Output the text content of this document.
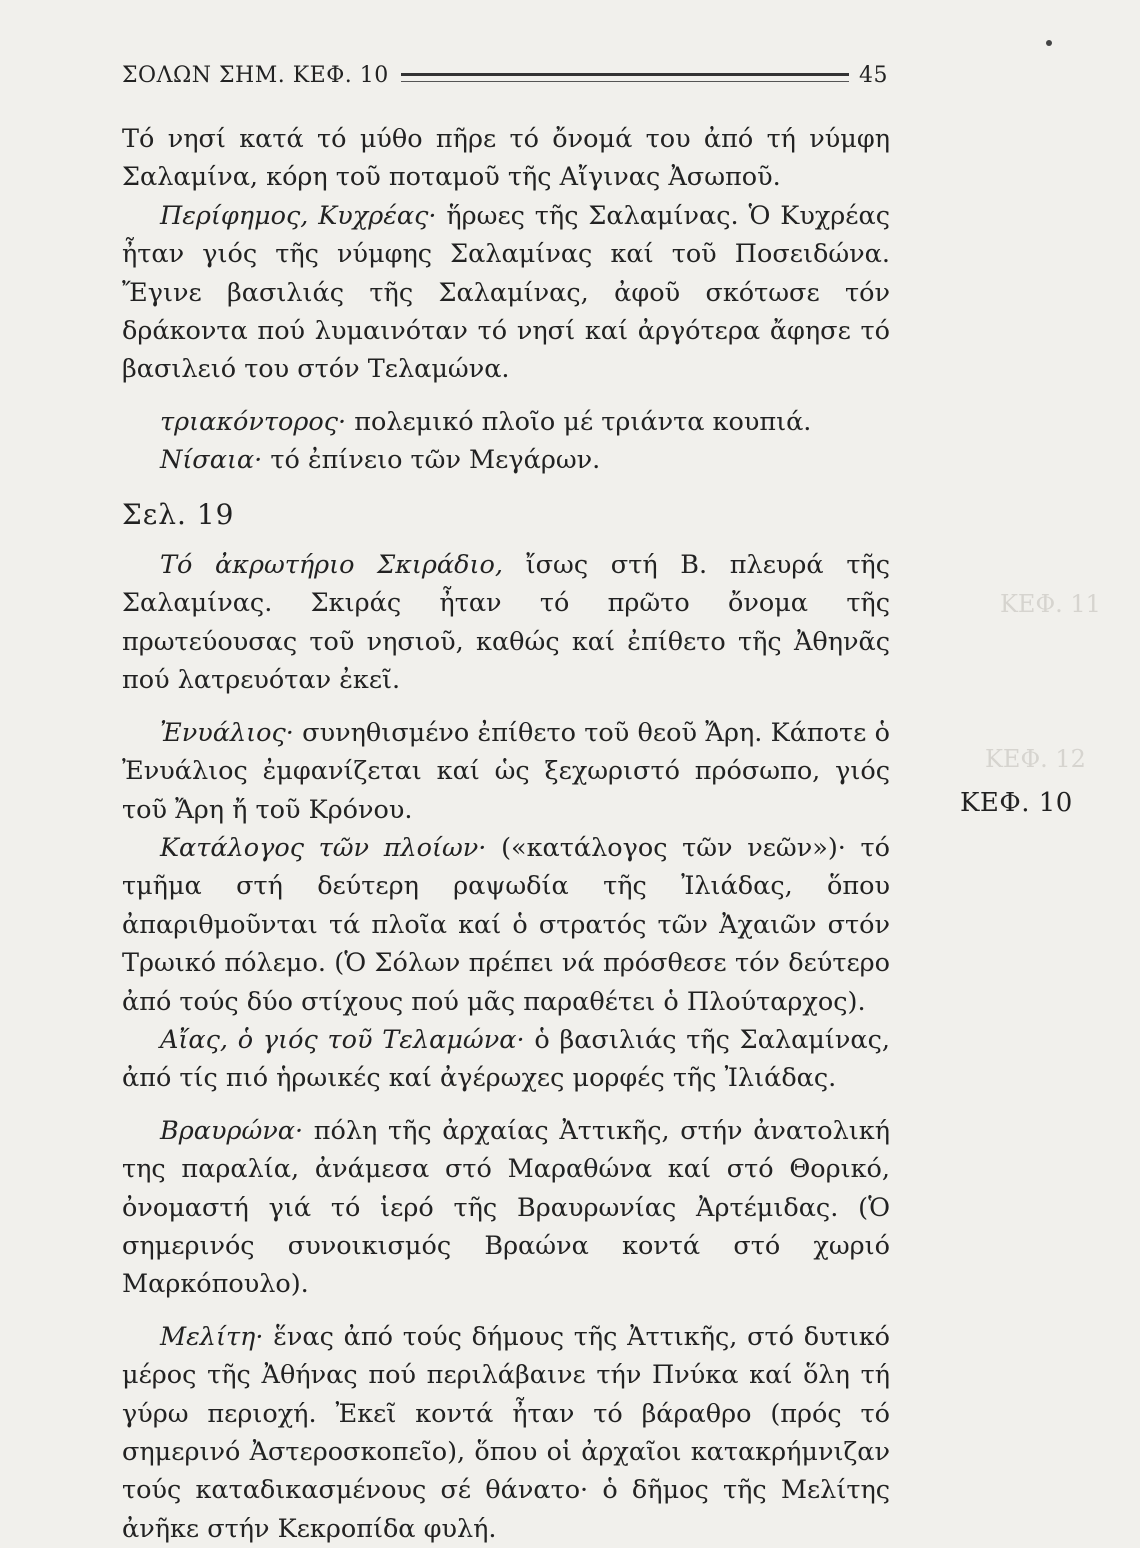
ΣΟΛΩΝ ΣΗΜ. ΚΕΦ. 10	45
ΚΕΦ. 11
ΚΕΦ. 12
ΚΕΦ. 10

Τό νησί κατά τό μύθο πῆρε τό ὄνομά του ἀπό τή νύμφη Σαλαμίνα, κόρη τοῦ ποταμοῦ τῆς Αἴγινας Ἀσωποῦ.

Περίφημος, Κυχρέας· ἥρωες τῆς Σαλαμίνας. Ὁ Κυχρέας ἦταν γιός τῆς νύμφης Σαλαμίνας καί τοῦ Ποσειδώνα. Ἔγινε βασιλιάς τῆς Σαλαμίνας, ἀφοῦ σκότωσε τόν δράκοντα πού λυμαινόταν τό νησί καί ἀργότερα ἄφησε τό βασιλειό του στόν Τελαμώνα.

τριακόντορος· πολεμικό πλοῖο μέ τριάντα κουπιά.

Νίσαια· τό ἐπίνειο τῶν Μεγάρων.

Σελ. 19

Τό ἀκρωτήριο Σκιράδιο, ἴσως στή Β. πλευρά τῆς Σαλαμίνας. Σκιράς ἦταν τό πρῶτο ὄνομα τῆς πρωτεύουσας τοῦ νησιοῦ, καθώς καί ἐπίθετο τῆς Ἀθηνᾶς πού λατρευόταν ἐκεῖ.

Ἐνυάλιος· συνηθισμένο ἐπίθετο τοῦ θεοῦ Ἄρη. Κάποτε ὁ Ἐνυάλιος ἐμφανίζεται καί ὡς ξεχωριστό πρόσωπο, γιός τοῦ Ἄρη ἤ τοῦ Κρόνου.

Κατάλογος τῶν πλοίων· («κατάλογος τῶν νεῶν»)· τό τμῆμα στή δεύτερη ραψωδία τῆς Ἰλιάδας, ὅπου ἀπαριθμοῦνται τά πλοῖα καί ὁ στρατός τῶν Ἀχαιῶν στόν Τρωικό πόλεμο. (Ὁ Σόλων πρέπει νά πρόσθεσε τόν δεύτερο ἀπό τούς δύο στίχους πού μᾶς παραθέτει ὁ Πλούταρχος).

Αἴας, ὁ γιός τοῦ Τελαμώνα· ὁ βασιλιάς τῆς Σαλαμίνας, ἀπό τίς πιό ἡρωικές καί ἀγέρωχες μορφές τῆς Ἰλιάδας.

Βραυρώνα· πόλη τῆς ἀρχαίας Ἀττικῆς, στήν ἀνατολική της παραλία, ἀνάμεσα στό Μαραθώνα καί στό Θορικό, ὀνομαστή γιά τό ἱερό τῆς Βραυρωνίας Ἀρτέμιδας. (Ὁ σημερινός συνοικισμός Βραώνα κοντά στό χωριό Μαρκόπουλο).

Μελίτη· ἕνας ἀπό τούς δήμους τῆς Ἀττικῆς, στό δυτικό μέρος τῆς Ἀθήνας πού περιλάβαινε τήν Πνύκα καί ὅλη τή γύρω περιοχή. Ἐκεῖ κοντά ἦταν τό βάραθρο (πρός τό σημερινό Ἀστεροσκοπεῖο), ὅπου οἱ ἀρχαῖοι κατακρήμνιζαν τούς καταδικασμένους σέ θάνατο· ὁ δῆμος τῆς Μελίτης ἀνῆκε στήν Κεκροπίδα φυλή.
